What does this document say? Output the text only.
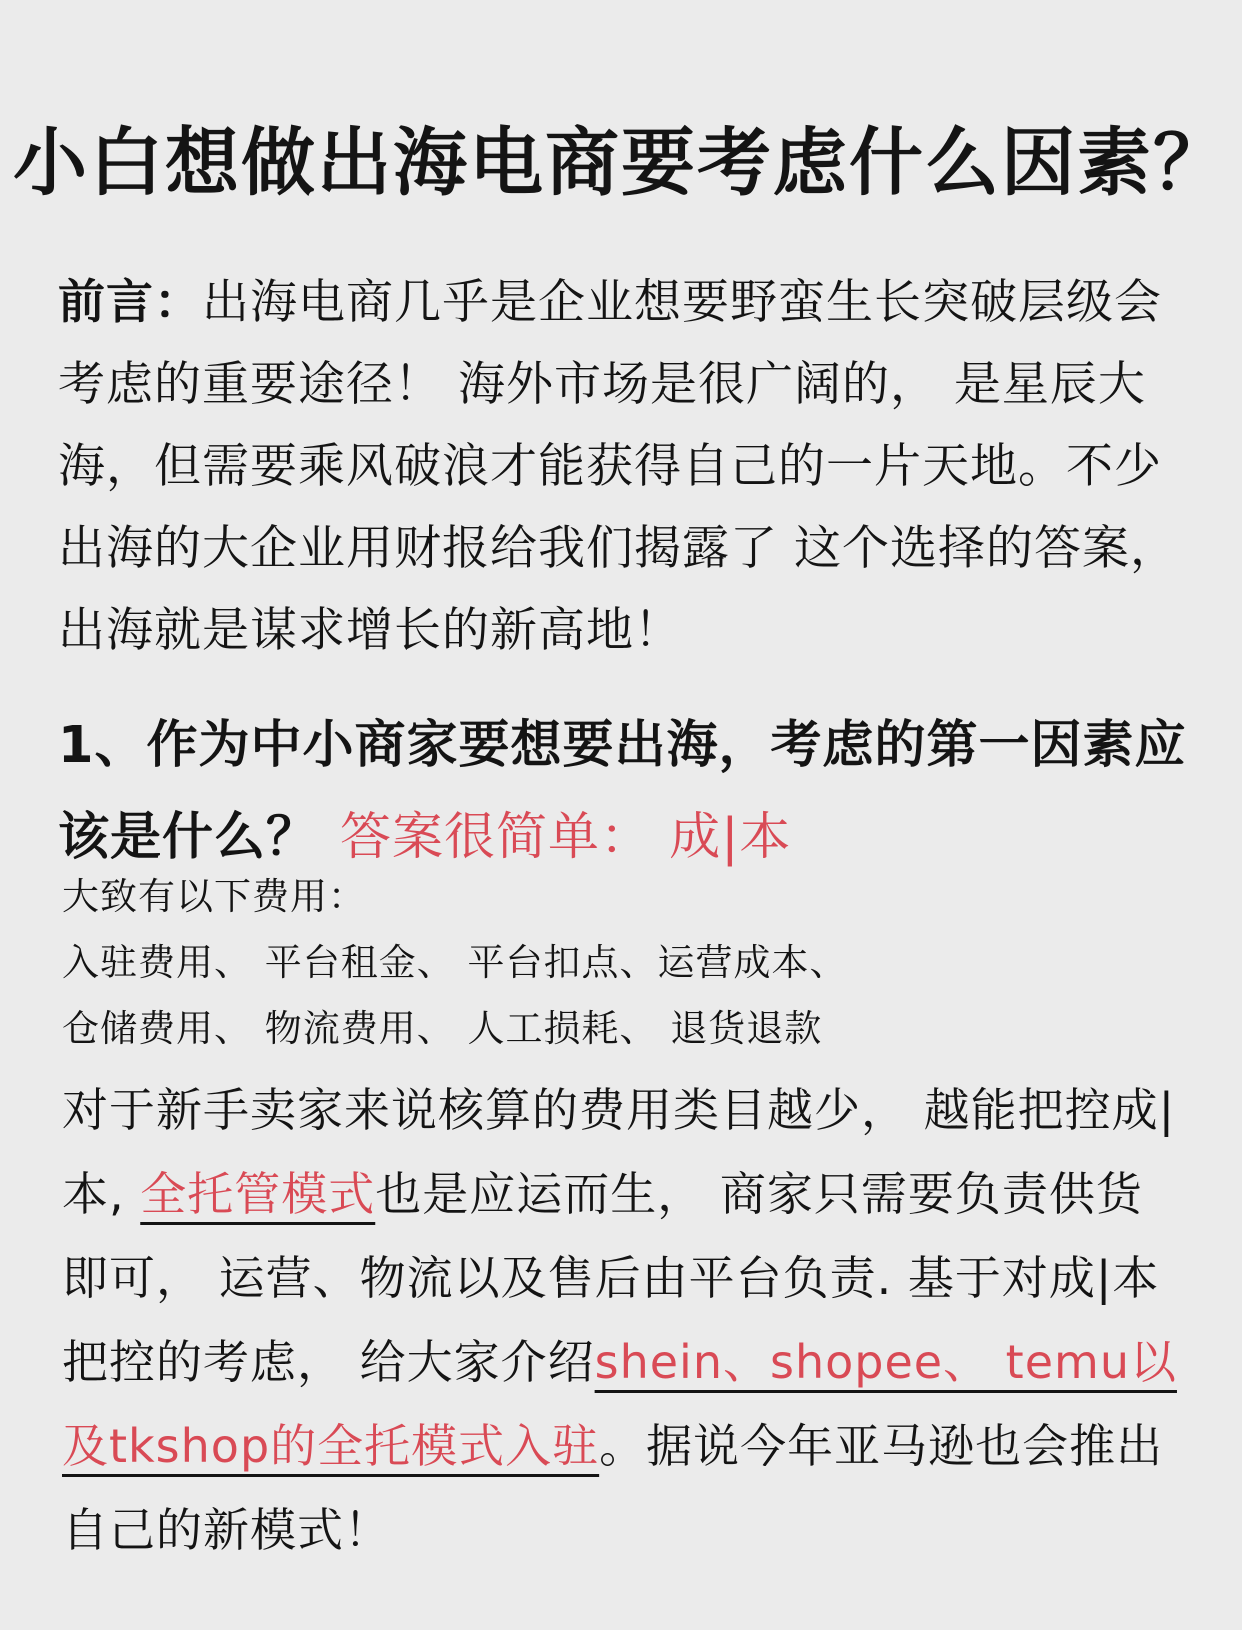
小白想做出海电商要考虑什么因素？
前言：出海电商几乎是企业想要野蛮生长突破层级会考虑的重要途径！ 海外市场是很广阔的， 是星辰大海，但需要乘风破浪才能获得自己的一片天地。不少出海的大企业用财报给我们揭露了 这个选择的答案，出海就是谋求增长的新高地！
1、作为中小商家要想要出海，考虑的第一因素应该是什么？ 答案很简单： 成|本
大致有以下费用：
入驻费用、 平台租金、 平台扣点、运营成本、
仓储费用、 物流费用、 人工损耗、 退货退款
对于新手卖家来说核算的费用类目越少， 越能把控成|本, 全托管模式也是应运而生， 商家只需要负责供货即可， 运营、物流以及售后由平台负责. 基于对成|本把控的考虑， 给大家介绍shein、shopee、 temu以及tkshop的全托模式入驻。据说今年亚马逊也会推出自己的新模式！
